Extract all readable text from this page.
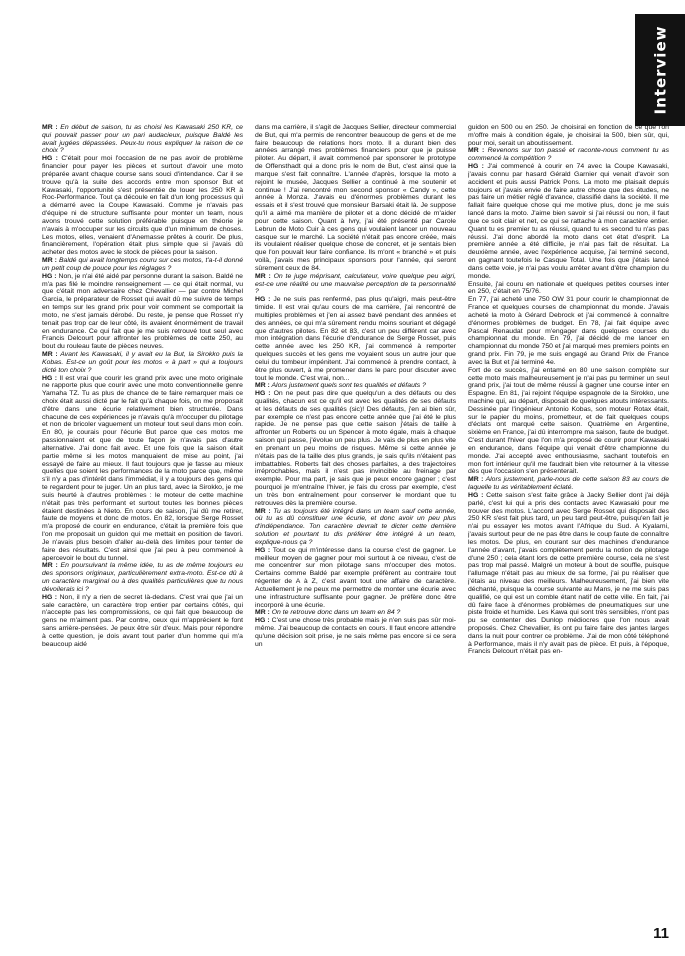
Interview

MR : En début de saison, tu as choisi les Kawasaki 250 KR, ce qui pouvait passer pour un pari audacieux, puisque Baldé les avait jugées dépassées. Peux-tu nous expliquer la raison de ce choix ?

HG : C'était pour moi l'occasion de ne pas avoir de problème financier pour payer les pièces et surtout d'avoir une moto préparée avant chaque course sans souci d'intendance. Car il se trouve qu'à la suite des accords entre mon sponsor But et Kawasaki, l'opportunité s'est présentée de louer les 250 KR à Roc-Performance. Tout ça découle en fait d'un long processus qui a démarré avec la Coupe Kawasaki. Comme je n'avais pas d'équipe ni de structure suffisante pour monter un team, nous avons trouvé cette solution préférable puisque en théorie je n'avais à m'occuper sur les circuits que d'un minimum de choses. Les motos, elles, venaient d'Anemasse prêtes à courir. De plus, financièrement, l'opération était plus simple que si j'avais dû acheter des motos avec le stock de pièces pour la saison.

MR : Baldé qui avait longtemps couru sur ces motos, t'a-t-il donné un petit coup de pouce pour les réglages ?

HG : Non, je n'ai été aidé par personne durant la saison. Baldé ne m'a pas filé le moindre renseignement — ce qui était normal, vu que c'était mon adversaire chez Chevallier — par contre Michel Garcia, le préparateur de Rosset qui avait dû me suivre de temps en temps sur les grand prix pour voir comment se comportait la moto, ne s'est jamais dérobé. Du reste, je pense que Rosset n'y tenait pas trop car de leur côté, ils avaient énormément de travail en endurance. Ce qui fait que je me suis retrouvé tout seul avec Francis Delcourt pour affronter les problèmes de cette 250, au bout du rouleau faute de pièces neuves.

MR : Avant les Kawasaki, il y avait eu la But, la Sirokko puis la Kobas. Est-ce un goût pour les motos « à part » qui a toujours dicté ton choix ?

HG : Il est vrai que courir les grand prix avec une moto originale ne rapporte plus que courir avec une moto conventionnelle genre Yamaha TZ. Tu as plus de chance de te faire remarquer mais ce choix était aussi dicté par le fait qu'à chaque fois, on me proposait d'être dans une écurie relativement bien structurée. Dans chacune de ces expériences je n'avais qu'à m'occuper du pilotage et non de bricoler vaguement un moteur tout seul dans mon coin. En 80, je courais pour l'écurie But parce que ces motos me passionnaient et que de toute façon je n'avais pas d'autre alternative. J'ai donc fait avec. Et une fois que la saison était partie même si les motos manquaient de mise au point, j'ai essayé de faire au mieux. Il faut toujours que je fasse au mieux quelles que soient les performances de la moto parce que, même s'il n'y a pas d'intérêt dans l'immédiat, il y a toujours des gens qui te regardent pour te juger. Un an plus tard, avec la Sirokko, je me suis heurté à d'autres problèmes : le moteur de cette machine n'était pas très performant et surtout toutes les bonnes pièces étaient destinées à Nieto. En cours de saison, j'ai dû me retirer, faute de moyens et donc de motos. En 82, lorsque Serge Rosset m'a proposé de courir en endurance, c'était la première fois que l'on me proposait un guidon qui me mettait en position de favori. Je n'avais plus besoin d'aller au-delà des limites pour tenter de faire des résultats. C'est ainsi que j'ai peu à peu commencé à apercevoir le bout du tunnel.

MR : En poursuivant la même idée, tu as de même toujours eu des sponsors originaux, particulièrement extra-moto. Est-ce dû à un caractère marginal ou à des qualités particulières que tu nous dévoilerais ici ?

HG : Non, il n'y a rien de secret là-dedans. C'est vrai que j'ai un sale caractère, un caractère trop entier par certains côtés, qui n'accepte pas les compromissions, ce qui fait que beaucoup de gens ne m'aiment pas. Par contre, ceux qui m'apprécient le font sans arrière-pensées. Je peux être sûr d'eux. Mais pour répondre à cette question, je dois avant tout parler d'un homme qui m'a beaucoup aidé

dans ma carrière, il s'agit de Jacques Sellier, directeur commercial de But, qui m'a permis de rencontrer beaucoup de gens et de me faire beaucoup de relations hors moto. Il a durant bien des années arrangé mes problèmes financiers pour que je puisse piloter. Au départ, il avait commencé par sponsorer le prototype de Offensthadt qui a donc pris le nom de But, c'est ainsi que la marque s'est fait connaître. L'année d'après, lorsque la moto a rejoint le musée, Jacques Sellier a continué à me soutenir et continue ! J'ai rencontré mon second sponsor « Candy », cette année à Monza. J'avais eu d'énormes problèmes durant les essais et il s'est trouvé que monsieur Barsaki était là. Je suppose qu'il a aimé ma manière de piloter et a donc décidé de m'aider pour cette saison. Quant à Ivry, j'ai été présenté par Carole Lebrun de Moto Cuir à ces gens qui voulaient lancer un nouveau casque sur le marché. La société n'était pas encore créée, mais ils voulaient réaliser quelque chose de concret, et je sentais bien que l'on pouvait leur faire confiance. Ils m'ont « branché » et puis voilà, j'avais mes principaux sponsors pour l'année, qui seront sûrement ceux de 84.

MR : On te juge méprisant, calculateur, voire quelque peu aigri, est-ce une réalité ou une mauvaise perception de ta personnalité ?

HG : Je ne suis pas renfermé, pas plus qu'aigri, mais peut-être timide. Il est vrai qu'au cours de ma carrière, j'ai rencontré de multiples problèmes et j'en ai assez bavé pendant des années et des années, ce qui m'a sûrement rendu moins souriant et dégagé que d'autres pilotes. En 82 et 83, c'est un peu différent car avec mon intégration dans l'écurie d'endurance de Serge Rosset, puis cette année avec les 250 KR, j'ai commencé à remporter quelques succès et les gens me voyaient sous un autre jour que celui du tombeur impénitent. J'ai commencé à prendre contact, à être plus ouvert, à me promener dans le parc pour discuter avec tout le monde. C'est vrai, non...

MR : Alors justement quels sont tes qualités et défauts ?

HG : On ne peut pas dire que quelqu'un a des défauts ou des qualités, chacun est ce qu'il est avec les qualités de ses défauts et les défauts de ses qualités (sic)! Des défauts, j'en ai bien sûr, par exemple ce n'est pas encore cette année que j'ai été le plus rapide. Je ne pense pas que cette saison j'étais de taille à affronter un Roberts ou un Spencer à moto égale, mais à chaque saison qui passe, j'évolue un peu plus. Je vais de plus en plus vite en prenant un peu moins de risques. Même si cette année je n'étais pas de la taille des plus grands, je sais qu'ils n'étaient pas imbattables. Roberts fait des choses parfaites, a des trajectoires irréprochables, mais il n'est pas invincible au freinage par exemple. Pour ma part, je sais que je peux encore gagner ; c'est pourquoi je m'entraîne l'hiver, je fais du cross par exemple, c'est un très bon entraînement pour conserver le mordant que tu retrouves dès la première course.

MR : Tu as toujours été intégré dans un team sauf cette année, où tu as dû constituer une écurie, et donc avoir un peu plus d'indépendance. Ton caractère devrait te dicter cette dernière solution et pourtant tu dis préférer être intégré à un team, explique-nous ça ?

HG : Tout ce qui m'intéresse dans la course c'est de gagner. Le meilleur moyen de gagner pour moi surtout à ce niveau, c'est de me concentrer sur mon pilotage sans m'occuper des motos. Certains comme Baldé par exemple préfèrent au contraire tout régenter de A à Z, c'est avant tout une affaire de caractère. Actuellement je ne peux me permettre de monter une écurie avec une infrastructure suffisante pour gagner. Je préfère donc être incorporé à une écurie.

MR : On te retrouve donc dans un team en 84 ?

HG : C'est une chose très probable mais je n'en suis pas sûr moi-même. J'ai beaucoup de contacts en cours. Il faut encore attendre qu'une décision soit prise, je ne sais même pas encore si ce sera un

guidon en 500 ou en 250. Je choisirai en fonction de ce que l'on m'offre mais à condition égale, je choisirai la 500, bien sûr, qui, pour moi, serait un aboutissement.

MR : Revenons sur ton passé et raconte-nous comment tu as commencé la compétition ?

HG : J'ai commencé à courir en 74 avec la Coupe Kawasaki, j'avais connu par hasard Gérald Garnier qui venait d'avoir son accident et puis aussi Patrick Pons. La moto me plaisait depuis toujours et j'avais envie de faire autre chose que des études, ne pas faire un métier réglé d'avance, classifié dans la société. Il me fallait faire quelque chose qui me motive plus, donc je me suis lancé dans la moto. J'aime bien savoir si j'ai réussi ou non, il faut que ce soit clair et net, ce qui se rattache à mon caractère entier. Quant tu es premier tu as réussi, quand tu es second tu n'as pas réussi. J'ai donc abordé la moto dans cet état d'esprit. La première année a été difficile, je n'ai pas fait de résultat. La deuxième année, avec l'expérience acquise, j'ai terminé second, en gagnant toutefois le Casque Total. Une fois que j'étais lancé dans cette voie, je n'ai pas voulu arrêter avant d'être champion du monde.

Ensuite, j'ai couru en nationale et quelques petites courses inter en 250, c'était en 75/76.

En 77, j'ai acheté une 750 OW 31 pour courir le championnat de France et quelques courses de championnat du monde. J'avais acheté la moto à Gérard Debrock et j'ai commencé à connaître d'énormes problèmes de budget. En 78, j'ai fait équipe avec Pascal Renaudat pour m'engager dans quelques courses du championnat du monde. En 79, j'ai décidé de me lancer en championnat du monde 750 et j'ai marqué mes premiers points en grand prix. Fin 79, je me suis engagé au Grand Prix de France avec la But et j'ai terminé 4e.

Fort de ce succès, j'ai entamé en 80 une saison complète sur cette moto mais malheureusement je n'ai pas pu terminer un seul grand prix, j'ai tout de même réussi à gagner une course inter en Espagne. En 81, j'ai rejoint l'équipe espagnole de la Sirokko, une machine qui, au départ, disposait de quelques atouts intéressants. Dessinée par l'ingénieur Antonio Kobas, son moteur Rotax était, sur le papier du moins, prometteur, et de fait quelques coups d'éclats ont marqué cette saison. Quatrième en Argentine, sixième en France, j'ai dû interrompre ma saison, faute de budget. C'est durant l'hiver que l'on m'a proposé de courir pour Kawasaki en endurance, dans l'équipe qui venait d'être championne du monde. J'ai accepté avec enthousiasme, sachant toutefois en mon fort intérieur qu'il me faudrait bien vite retourner à la vitesse dès que l'occasion s'en présenterait.

MR : Alors justement, parle-nous de cette saison 83 au cours de laquelle tu as véritablement éclaté.

HG : Cette saison s'est faite grâce à Jacky Sellier dont j'ai déjà parlé, c'est lui qui a pris des contacts avec Kawasaki pour me trouver des motos. L'accord avec Serge Rosset qui disposait des 250 KR s'est fait plus tard, un peu tard peut-être, puisqu'en fait je n'ai pu essayer les motos avant l'Afrique du Sud. A Kyalami, j'avais surtout peur de ne pas être dans le coup faute de connaître les motos. De plus, en courant sur des machines d'endurance l'année d'avant, j'avais complètement perdu la notion de pilotage d'une 250 ; cela étant lors de cette première course, cela ne s'est pas trop mal passé. Malgré un moteur à bout de souffle, puisque l'allumage n'était pas au mieux de sa forme, j'ai pu réaliser que j'étais au niveau des meilleurs. Malheureusement, j'ai bien vite déchanté, puisque la course suivante au Mans, je ne me suis pas qualifié, ce qui est un comble étant natif de cette ville. En fait, j'ai dû faire face à d'énormes problèmes de pneumatiques sur une piste froide et humide. Les Kawa qui sont très sensibles, n'ont pas pu se contenter des Dunlop médiocres que l'on nous avait proposés. Chez Chevallier, ils ont pu faire faire des jantes larges dans la nuit pour contrer ce problème. J'ai de mon côté téléphoné à Performance, mais il n'y avait pas de pièce. Et puis, à l'époque, Francis Delcourt n'était pas en-

11
